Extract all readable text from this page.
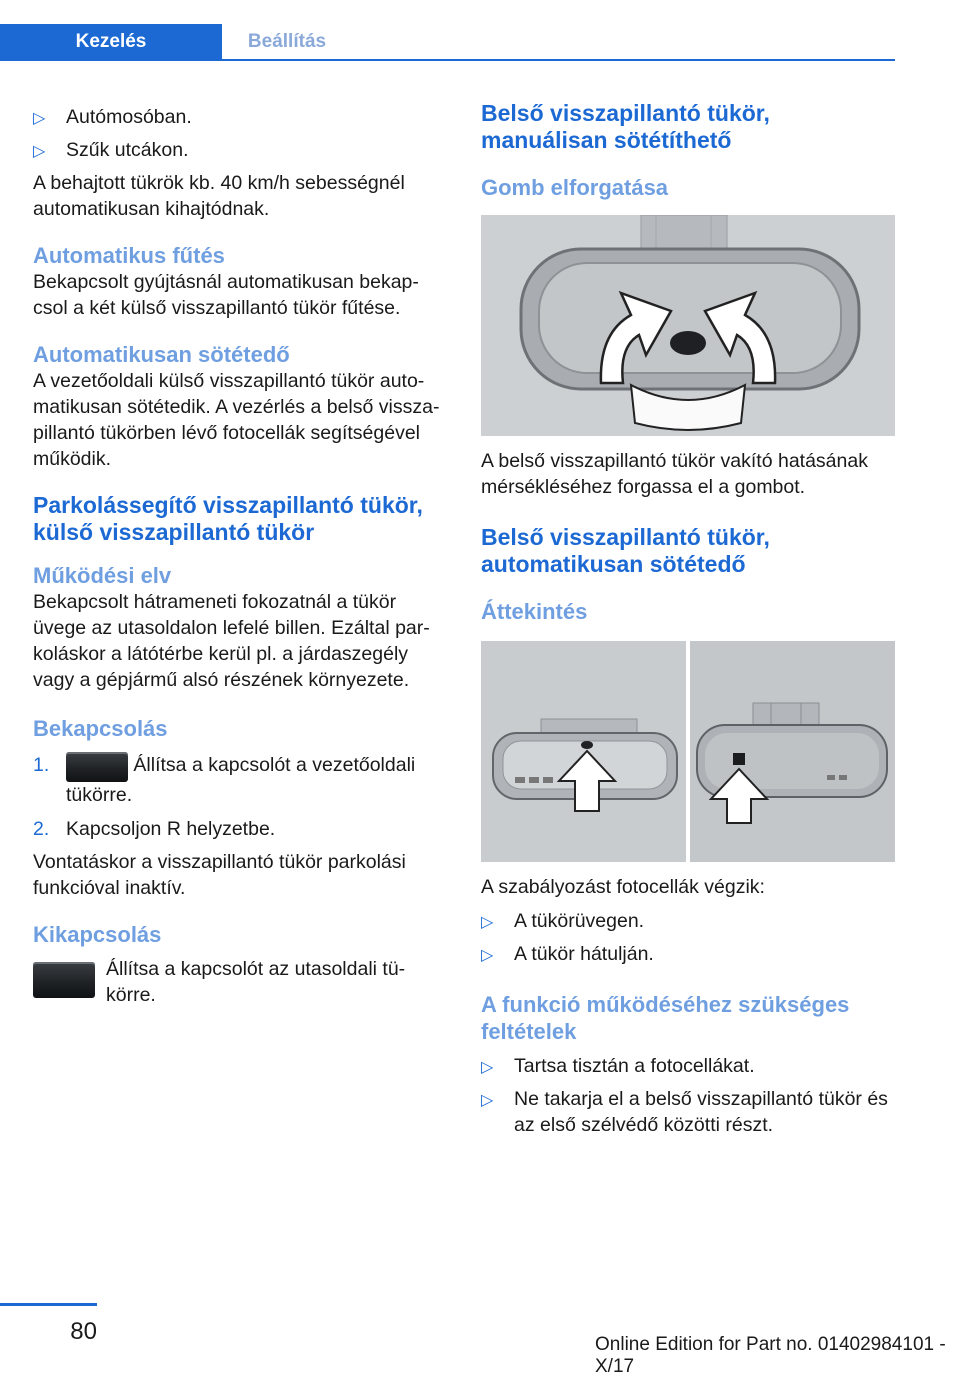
Kezelés	Beállítás
▷ Autómosóban.
▷ Szűk utcákon.

A behajtott tükrök kb. 40 km/h sebességnél automatikusan kihajtódnak.

Automatikus fűtés

Bekapcsolt gyújtásnál automatikusan bekap-csol a két külső visszapillantó tükör fűtése.

Automatikusan sötétedő

A vezetőoldali külső visszapillantó tükör auto-matikusan sötétedik. A vezérlés a belső vissza-pillantó tükörben lévő fotocellák segítségével működik.

Parkolássegítő visszapillantó tükör, külső visszapillantó tükör
Működési elv

Bekapcsolt hátrameneti fokozatnál a tükör üvege az utasoldalon lefelé billen. Ezáltal par-koláskor a látótérbe kerül pl. a járdaszegély vagy a gépjármű alsó részének környezete.

Bekapcsolás
1.	Állítsa a kapcsolót a vezetőoldali tükörre.
2. Kapcsoljon R helyzetbe.

Vontatáskor a visszapillantó tükör parkolási funkcióval inaktív.

Kikapcsolás

Állítsa a kapcsolót az utasoldali tü-körre.

Belső visszapillantó tükör, manuálisan sötétíthető
Gomb elforgatása

A belső visszapillantó tükör vakító hatásának mérsékléséhez forgassa el a gombot.

Belső visszapillantó tükör, automatikusan sötétedő
Áttekintés

A szabályozást fotocellák végzik:

▷ A tükörüvegen.
▷ A tükör hátulján.
A funkció működéséhez szükséges feltételek
▷ Tartsa tisztán a fotocellákat.
▷ Ne takarja el a belső visszapillantó tükör és az első szélvédő közötti részt.
80	Online Edition for Part no. 01402984101 - X/17
